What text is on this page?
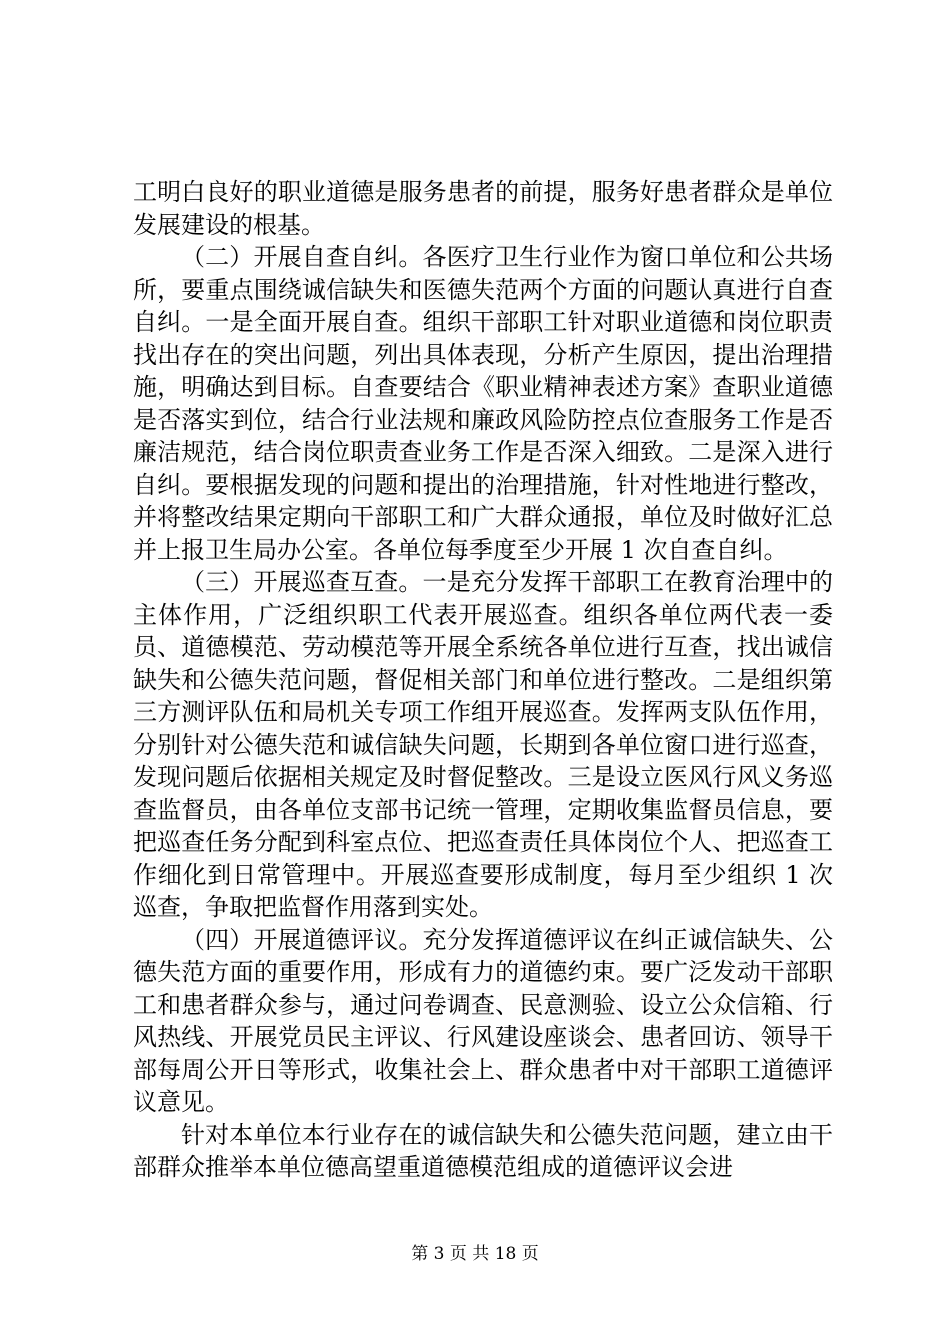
工明白良好的职业道德是服务患者的前提，服务好患者群众是单位发展建设的根基。

（二）开展自查自纠。各医疗卫生行业作为窗口单位和公共场所，要重点围绕诚信缺失和医德失范两个方面的问题认真进行自查自纠。一是全面开展自查。组织干部职工针对职业道德和岗位职责找出存在的突出问题，列出具体表现，分析产生原因，提出治理措施，明确达到目标。自查要结合《职业精神表述方案》查职业道德是否落实到位，结合行业法规和廉政风险防控点位查服务工作是否廉洁规范，结合岗位职责查业务工作是否深入细致。二是深入进行自纠。要根据发现的问题和提出的治理措施，针对性地进行整改，并将整改结果定期向干部职工和广大群众通报，单位及时做好汇总并上报卫生局办公室。各单位每季度至少开展 1 次自查自纠。

（三）开展巡查互查。一是充分发挥干部职工在教育治理中的主体作用，广泛组织职工代表开展巡查。组织各单位两代表一委员、道德模范、劳动模范等开展全系统各单位进行互查，找出诚信缺失和公德失范问题，督促相关部门和单位进行整改。二是组织第三方测评队伍和局机关专项工作组开展巡查。发挥两支队伍作用，分别针对公德失范和诚信缺失问题，长期到各单位窗口进行巡查，发现问题后依据相关规定及时督促整改。三是设立医风行风义务巡查监督员，由各单位支部书记统一管理，定期收集监督员信息，要把巡查任务分配到科室点位、把巡查责任具体岗位个人、把巡查工作细化到日常管理中。开展巡查要形成制度，每月至少组织 1 次巡查，争取把监督作用落到实处。

（四）开展道德评议。充分发挥道德评议在纠正诚信缺失、公德失范方面的重要作用，形成有力的道德约束。要广泛发动干部职工和患者群众参与，通过问卷调查、民意测验、设立公众信箱、行风热线、开展党员民主评议、行风建设座谈会、患者回访、领导干部每周公开日等形式，收集社会上、群众患者中对干部职工道德评议意见。

针对本单位本行业存在的诚信缺失和公德失范问题，建立由干部群众推举本单位德高望重道德模范组成的道德评议会进

第 3 页 共 18 页
